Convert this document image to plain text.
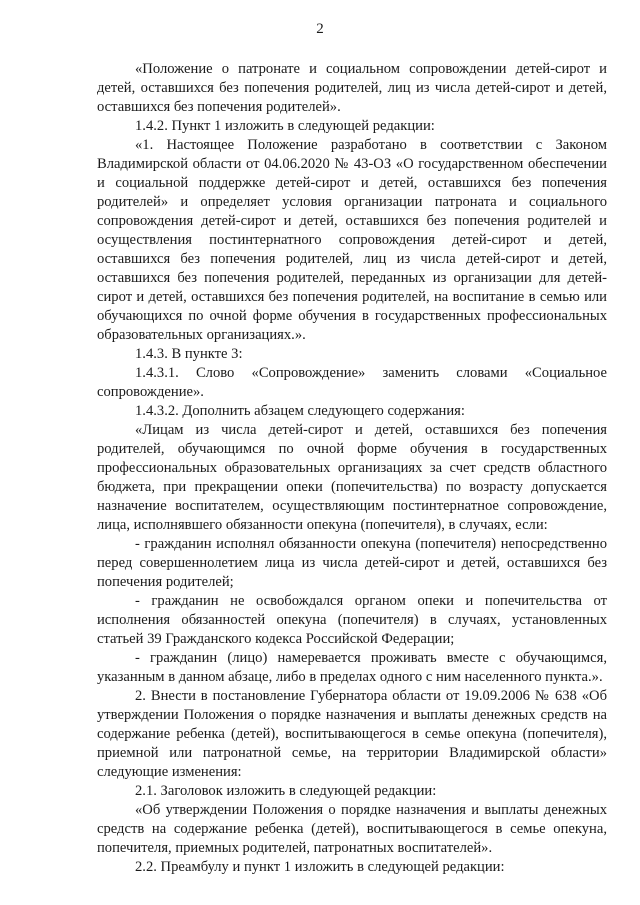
2

«Положение о патронате и социальном сопровождении детей-сирот и детей, оставшихся без попечения родителей, лиц из числа детей-сирот и детей, оставшихся без попечения родителей».

1.4.2. Пункт 1 изложить в следующей редакции:

«1. Настоящее Положение разработано в соответствии с Законом Владимирской области от 04.06.2020 № 43-ОЗ «О государственном обеспечении и социальной поддержке детей-сирот и детей, оставшихся без попечения родителей» и определяет условия организации патроната и социального сопровождения детей-сирот и детей, оставшихся без попечения родителей и осуществления постинтернатного сопровождения детей-сирот и детей, оставшихся без попечения родителей, лиц из числа детей-сирот и детей, оставшихся без попечения родителей, переданных из организации для детей-сирот и детей, оставшихся без попечения родителей, на воспитание в семью или обучающихся по очной форме обучения в государственных профессиональных образовательных организациях.».

1.4.3. В пункте 3:

1.4.3.1. Слово «Сопровождение» заменить словами «Социальное сопровождение».

1.4.3.2. Дополнить абзацем следующего содержания:

«Лицам из числа детей-сирот и детей, оставшихся без попечения родителей, обучающимся по очной форме обучения в государственных профессиональных образовательных организациях за счет средств областного бюджета, при прекращении опеки (попечительства) по возрасту допускается назначение воспитателем, осуществляющим постинтернатное сопровождение, лица, исполнявшего обязанности опекуна (попечителя), в случаях, если:

- гражданин исполнял обязанности опекуна (попечителя) непосредственно перед совершеннолетием лица из числа детей-сирот и детей, оставшихся без попечения родителей;

- гражданин не освобождался органом опеки и попечительства от исполнения обязанностей опекуна (попечителя) в случаях, установленных статьей 39 Гражданского кодекса Российской Федерации;

- гражданин (лицо) намеревается проживать вместе с обучающимся, указанным в данном абзаце, либо в пределах одного с ним населенного пункта.».

2. Внести в постановление Губернатора области от 19.09.2006 № 638 «Об утверждении Положения о порядке назначения и выплаты денежных средств на содержание ребенка (детей), воспитывающегося в семье опекуна (попечителя), приемной или патронатной семье, на территории Владимирской области» следующие изменения:

2.1. Заголовок изложить в следующей редакции:

«Об утверждении Положения о порядке назначения и выплаты денежных средств на содержание ребенка (детей), воспитывающегося в семье опекуна, попечителя, приемных родителей, патронатных воспитателей».

2.2. Преамбулу и пункт 1 изложить в следующей редакции:
